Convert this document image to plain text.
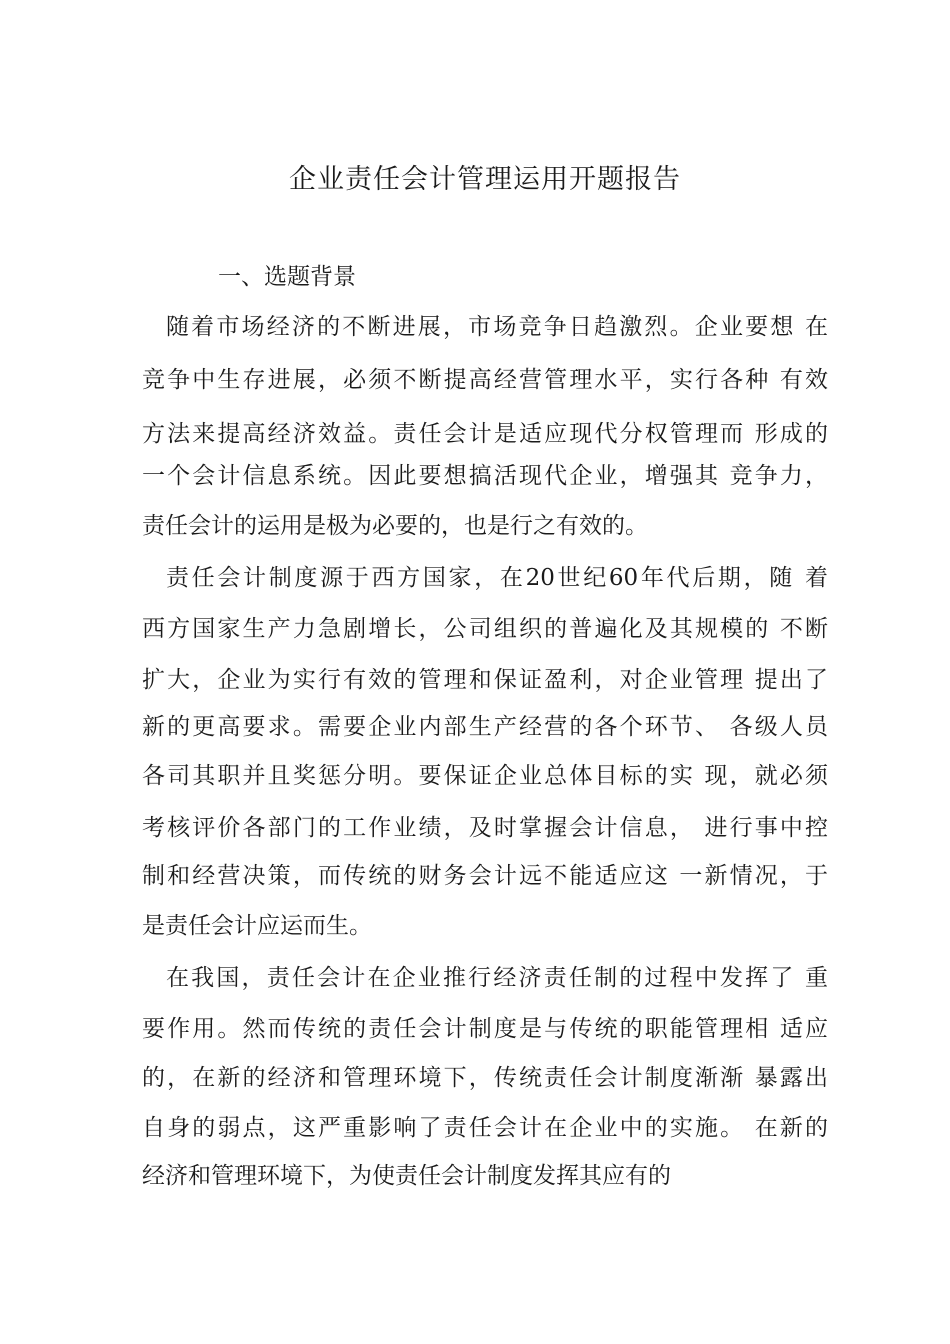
企业责任会计管理运用开题报告
一、选题背景
随着市场经济的不断进展，市场竞争日趋激烈。企业要想 在
竞争中生存进展，必须不断提高经营管理水平，实行各种 有效
方法来提高经济效益。责任会计是适应现代分权管理而 形成的
一个会计信息系统。因此要想搞活现代企业，增强其 竞争力，
责任会计的运用是极为必要的，也是行之有效的。
责任会计制度源于西方国家，在20世纪60年代后期，随 着
西方国家生产力急剧增长，公司组织的普遍化及其规模的 不断
扩大，企业为实行有效的管理和保证盈利，对企业管理 提出了
新的更高要求。需要企业内部生产经营的各个环节、 各级人员
各司其职并且奖惩分明。要保证企业总体目标的实 现，就必须
考核评价各部门的工作业绩，及时掌握会计信息， 进行事中控
制和经营决策，而传统的财务会计远不能适应这 一新情况，于
是责任会计应运而生。
在我国，责任会计在企业推行经济责任制的过程中发挥了 重
要作用。然而传统的责任会计制度是与传统的职能管理相 适应
的，在新的经济和管理环境下，传统责任会计制度渐渐 暴露出
自身的弱点，这严重影响了责任会计在企业中的实施。 在新的
经济和管理环境下，为使责任会计制度发挥其应有的
